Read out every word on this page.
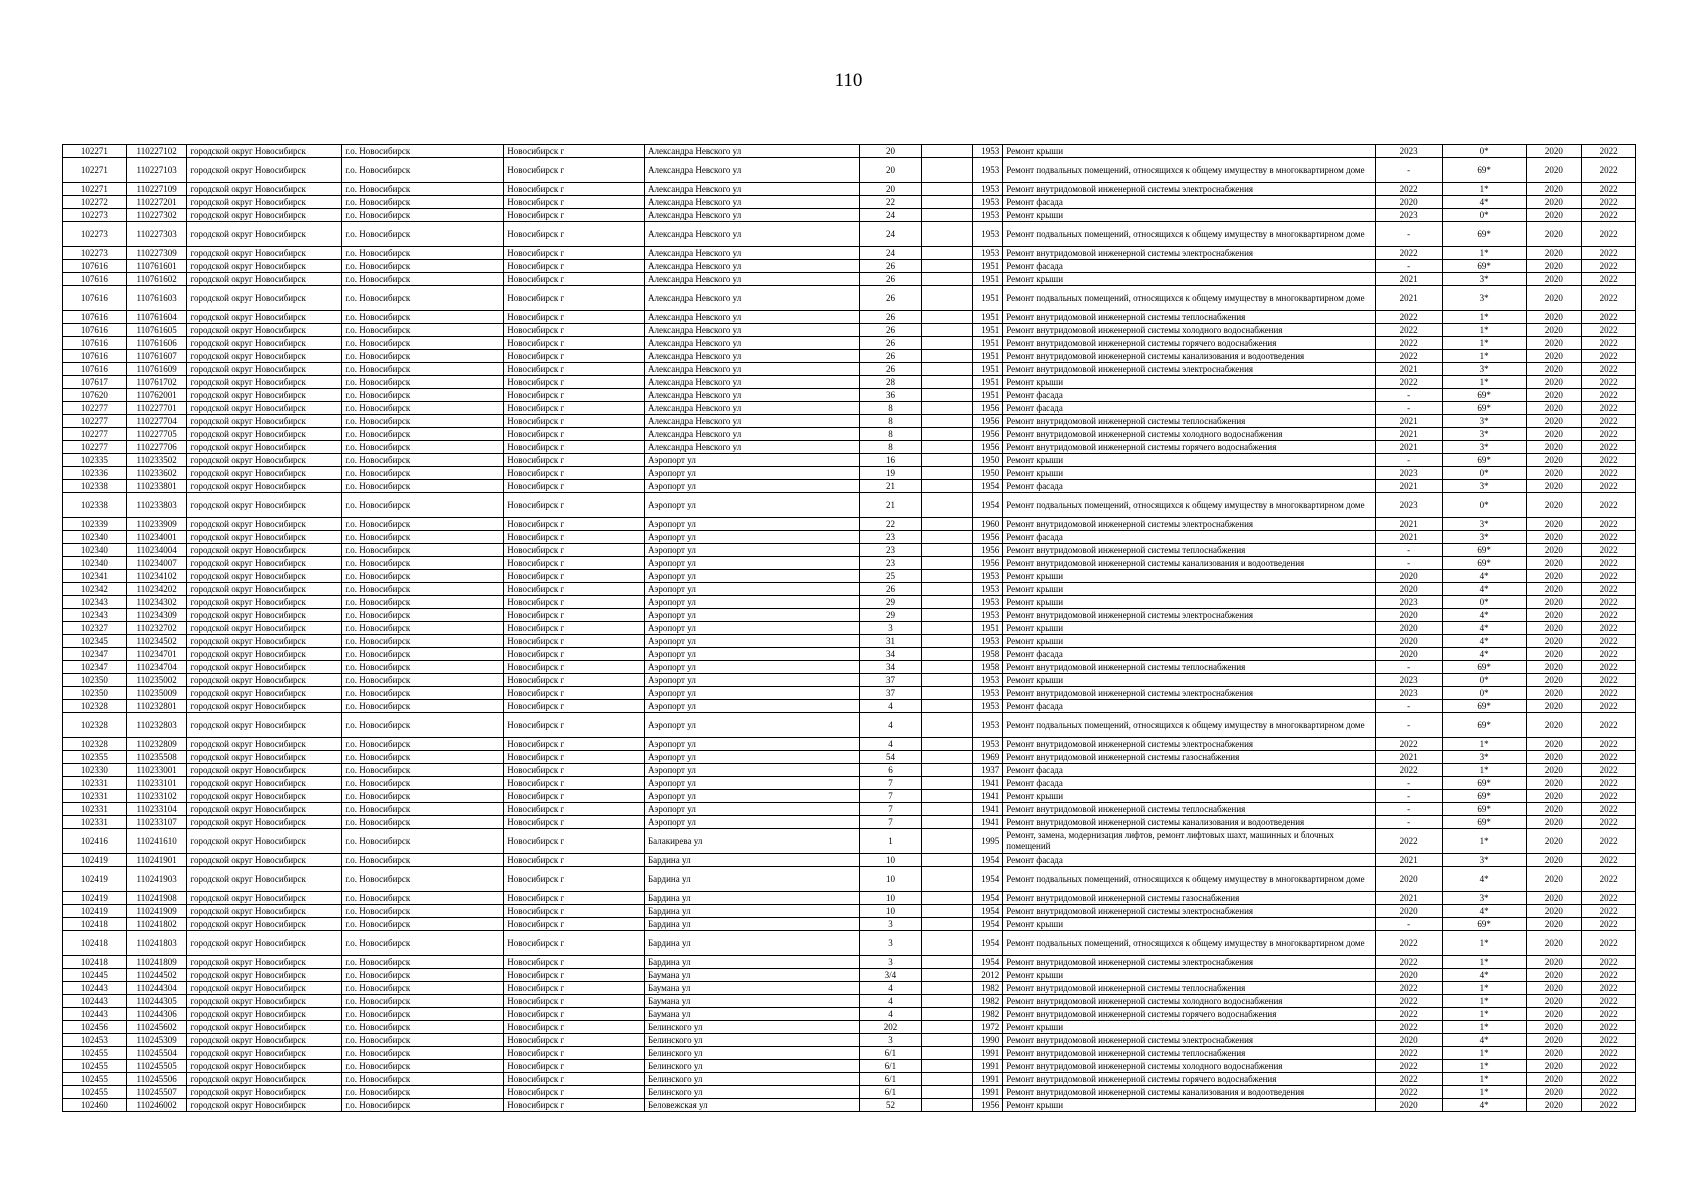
110
102271	110227102	городской округ Новосибирск	г.о. Новосибирск	Новосибирск г	Александра Невского ул	20		1953	Ремонт крыши	2023	0*	2020	2022
102271	110227103	городской округ Новосибирск	г.о. Новосибирск	Новосибирск г	Александра Невского ул	20		1953	Ремонт подвальных помещений, относящихся к общему имуществу в многоквартирном доме	-	69*	2020	2022
102271	110227109	городской округ Новосибирск	г.о. Новосибирск	Новосибирск г	Александра Невского ул	20		1953	Ремонт внутридомовой инженерной системы электроснабжения	2022	1*	2020	2022
102272	110227201	городской округ Новосибирск	г.о. Новосибирск	Новосибирск г	Александра Невского ул	22		1953	Ремонт фасада	2020	4*	2020	2022
102273	110227302	городской округ Новосибирск	г.о. Новосибирск	Новосибирск г	Александра Невского ул	24		1953	Ремонт крыши	2023	0*	2020	2022
102273	110227303	городской округ Новосибирск	г.о. Новосибирск	Новосибирск г	Александра Невского ул	24		1953	Ремонт подвальных помещений, относящихся к общему имуществу в многоквартирном доме	-	69*	2020	2022
102273	110227309	городской округ Новосибирск	г.о. Новосибирск	Новосибирск г	Александра Невского ул	24		1953	Ремонт внутридомовой инженерной системы электроснабжения	2022	1*	2020	2022
107616	110761601	городской округ Новосибирск	г.о. Новосибирск	Новосибирск г	Александра Невского ул	26		1951	Ремонт фасада	-	69*	2020	2022
107616	110761602	городской округ Новосибирск	г.о. Новосибирск	Новосибирск г	Александра Невского ул	26		1951	Ремонт крыши	2021	3*	2020	2022
107616	110761603	городской округ Новосибирск	г.о. Новосибирск	Новосибирск г	Александра Невского ул	26		1951	Ремонт подвальных помещений, относящихся к общему имуществу в многоквартирном доме	2021	3*	2020	2022
107616	110761604	городской округ Новосибирск	г.о. Новосибирск	Новосибирск г	Александра Невского ул	26		1951	Ремонт внутридомовой инженерной системы теплоснабжения	2022	1*	2020	2022
107616	110761605	городской округ Новосибирск	г.о. Новосибирск	Новосибирск г	Александра Невского ул	26		1951	Ремонт внутридомовой инженерной системы холодного водоснабжения	2022	1*	2020	2022
107616	110761606	городской округ Новосибирск	г.о. Новосибирск	Новосибирск г	Александра Невского ул	26		1951	Ремонт внутридомовой инженерной системы горячего водоснабжения	2022	1*	2020	2022
107616	110761607	городской округ Новосибирск	г.о. Новосибирск	Новосибирск г	Александра Невского ул	26		1951	Ремонт внутридомовой инженерной системы канализования и водоотведения	2022	1*	2020	2022
107616	110761609	городской округ Новосибирск	г.о. Новосибирск	Новосибирск г	Александра Невского ул	26		1951	Ремонт внутридомовой инженерной системы электроснабжения	2021	3*	2020	2022
107617	110761702	городской округ Новосибирск	г.о. Новосибирск	Новосибирск г	Александра Невского ул	28		1951	Ремонт крыши	2022	1*	2020	2022
107620	110762001	городской округ Новосибирск	г.о. Новосибирск	Новосибирск г	Александра Невского ул	36		1951	Ремонт фасада	-	69*	2020	2022
102277	110227701	городской округ Новосибирск	г.о. Новосибирск	Новосибирск г	Александра Невского ул	8		1956	Ремонт фасада	-	69*	2020	2022
102277	110227704	городской округ Новосибирск	г.о. Новосибирск	Новосибирск г	Александра Невского ул	8		1956	Ремонт внутридомовой инженерной системы теплоснабжения	2021	3*	2020	2022
102277	110227705	городской округ Новосибирск	г.о. Новосибирск	Новосибирск г	Александра Невского ул	8		1956	Ремонт внутридомовой инженерной системы холодного водоснабжения	2021	3*	2020	2022
102277	110227706	городской округ Новосибирск	г.о. Новосибирск	Новосибирск г	Александра Невского ул	8		1956	Ремонт внутридомовой инженерной системы горячего водоснабжения	2021	3*	2020	2022
102335	110233502	городской округ Новосибирск	г.о. Новосибирск	Новосибирск г	Аэропорт ул	16		1950	Ремонт крыши	-	69*	2020	2022
102336	110233602	городской округ Новосибирск	г.о. Новосибирск	Новосибирск г	Аэропорт ул	19		1950	Ремонт крыши	2023	0*	2020	2022
102338	110233801	городской округ Новосибирск	г.о. Новосибирск	Новосибирск г	Аэропорт ул	21		1954	Ремонт фасада	2021	3*	2020	2022
102338	110233803	городской округ Новосибирск	г.о. Новосибирск	Новосибирск г	Аэропорт ул	21		1954	Ремонт подвальных помещений, относящихся к общему имуществу в многоквартирном доме	2023	0*	2020	2022
102339	110233909	городской округ Новосибирск	г.о. Новосибирск	Новосибирск г	Аэропорт ул	22		1960	Ремонт внутридомовой инженерной системы электроснабжения	2021	3*	2020	2022
102340	110234001	городской округ Новосибирск	г.о. Новосибирск	Новосибирск г	Аэропорт ул	23		1956	Ремонт фасада	2021	3*	2020	2022
102340	110234004	городской округ Новосибирск	г.о. Новосибирск	Новосибирск г	Аэропорт ул	23		1956	Ремонт внутридомовой инженерной системы теплоснабжения	-	69*	2020	2022
102340	110234007	городской округ Новосибирск	г.о. Новосибирск	Новосибирск г	Аэропорт ул	23		1956	Ремонт внутридомовой инженерной системы канализования и водоотведения	-	69*	2020	2022
102341	110234102	городской округ Новосибирск	г.о. Новосибирск	Новосибирск г	Аэропорт ул	25		1953	Ремонт крыши	2020	4*	2020	2022
102342	110234202	городской округ Новосибирск	г.о. Новосибирск	Новосибирск г	Аэропорт ул	26		1953	Ремонт крыши	2020	4*	2020	2022
102343	110234302	городской округ Новосибирск	г.о. Новосибирск	Новосибирск г	Аэропорт ул	29		1953	Ремонт крыши	2023	0*	2020	2022
102343	110234309	городской округ Новосибирск	г.о. Новосибирск	Новосибирск г	Аэропорт ул	29		1953	Ремонт внутридомовой инженерной системы электроснабжения	2020	4*	2020	2022
102327	110232702	городской округ Новосибирск	г.о. Новосибирск	Новосибирск г	Аэропорт ул	3		1951	Ремонт крыши	2020	4*	2020	2022
102345	110234502	городской округ Новосибирск	г.о. Новосибирск	Новосибирск г	Аэропорт ул	31		1953	Ремонт крыши	2020	4*	2020	2022
102347	110234701	городской округ Новосибирск	г.о. Новосибирск	Новосибирск г	Аэропорт ул	34		1958	Ремонт фасада	2020	4*	2020	2022
102347	110234704	городской округ Новосибирск	г.о. Новосибирск	Новосибирск г	Аэропорт ул	34		1958	Ремонт внутридомовой инженерной системы теплоснабжения	-	69*	2020	2022
102350	110235002	городской округ Новосибирск	г.о. Новосибирск	Новосибирск г	Аэропорт ул	37		1953	Ремонт крыши	2023	0*	2020	2022
102350	110235009	городской округ Новосибирск	г.о. Новосибирск	Новосибирск г	Аэропорт ул	37		1953	Ремонт внутридомовой инженерной системы электроснабжения	2023	0*	2020	2022
102328	110232801	городской округ Новосибирск	г.о. Новосибирск	Новосибирск г	Аэропорт ул	4		1953	Ремонт фасада	-	69*	2020	2022
102328	110232803	городской округ Новосибирск	г.о. Новосибирск	Новосибирск г	Аэропорт ул	4		1953	Ремонт подвальных помещений, относящихся к общему имуществу в многоквартирном доме	-	69*	2020	2022
102328	110232809	городской округ Новосибирск	г.о. Новосибирск	Новосибирск г	Аэропорт ул	4		1953	Ремонт внутридомовой инженерной системы электроснабжения	2022	1*	2020	2022
102355	110235508	городской округ Новосибирск	г.о. Новосибирск	Новосибирск г	Аэропорт ул	54		1969	Ремонт внутридомовой инженерной системы газоснабжения	2021	3*	2020	2022
102330	110233001	городской округ Новосибирск	г.о. Новосибирск	Новосибирск г	Аэропорт ул	6		1937	Ремонт фасада	2022	1*	2020	2022
102331	110233101	городской округ Новосибирск	г.о. Новосибирск	Новосибирск г	Аэропорт ул	7		1941	Ремонт фасада	-	69*	2020	2022
102331	110233102	городской округ Новосибирск	г.о. Новосибирск	Новосибирск г	Аэропорт ул	7		1941	Ремонт крыши	-	69*	2020	2022
102331	110233104	городской округ Новосибирск	г.о. Новосибирск	Новосибирск г	Аэропорт ул	7		1941	Ремонт внутридомовой инженерной системы теплоснабжения	-	69*	2020	2022
102331	110233107	городской округ Новосибирск	г.о. Новосибирск	Новосибирск г	Аэропорт ул	7		1941	Ремонт внутридомовой инженерной системы канализования и водоотведения	-	69*	2020	2022
102416	110241610	городской округ Новосибирск	г.о. Новосибирск	Новосибирск г	Балакирева ул	1		1995	Ремонт, замена, модернизация лифтов, ремонт лифтовых шахт, машинных и блочных помещений	2022	1*	2020	2022
102419	110241901	городской округ Новосибирск	г.о. Новосибирск	Новосибирск г	Бардина ул	10		1954	Ремонт фасада	2021	3*	2020	2022
102419	110241903	городской округ Новосибирск	г.о. Новосибирск	Новосибирск г	Бардина ул	10		1954	Ремонт подвальных помещений, относящихся к общему имуществу в многоквартирном доме	2020	4*	2020	2022
102419	110241908	городской округ Новосибирск	г.о. Новосибирск	Новосибирск г	Бардина ул	10		1954	Ремонт внутридомовой инженерной системы газоснабжения	2021	3*	2020	2022
102419	110241909	городской округ Новосибирск	г.о. Новосибирск	Новосибирск г	Бардина ул	10		1954	Ремонт внутридомовой инженерной системы электроснабжения	2020	4*	2020	2022
102418	110241802	городской округ Новосибирск	г.о. Новосибирск	Новосибирск г	Бардина ул	3		1954	Ремонт крыши	-	69*	2020	2022
102418	110241803	городской округ Новосибирск	г.о. Новосибирск	Новосибирск г	Бардина ул	3		1954	Ремонт подвальных помещений, относящихся к общему имуществу в многоквартирном доме	2022	1*	2020	2022
102418	110241809	городской округ Новосибирск	г.о. Новосибирск	Новосибирск г	Бардина ул	3		1954	Ремонт внутридомовой инженерной системы электроснабжения	2022	1*	2020	2022
102445	110244502	городской округ Новосибирск	г.о. Новосибирск	Новосибирск г	Баумана ул	3/4		2012	Ремонт крыши	2020	4*	2020	2022
102443	110244304	городской округ Новосибирск	г.о. Новосибирск	Новосибирск г	Баумана ул	4		1982	Ремонт внутридомовой инженерной системы теплоснабжения	2022	1*	2020	2022
102443	110244305	городской округ Новосибирск	г.о. Новосибирск	Новосибирск г	Баумана ул	4		1982	Ремонт внутридомовой инженерной системы холодного водоснабжения	2022	1*	2020	2022
102443	110244306	городской округ Новосибирск	г.о. Новосибирск	Новосибирск г	Баумана ул	4		1982	Ремонт внутридомовой инженерной системы горячего водоснабжения	2022	1*	2020	2022
102456	110245602	городской округ Новосибирск	г.о. Новосибирск	Новосибирск г	Белинского ул	202		1972	Ремонт крыши	2022	1*	2020	2022
102453	110245309	городской округ Новосибирск	г.о. Новосибирск	Новосибирск г	Белинского ул	3		1990	Ремонт внутридомовой инженерной системы электроснабжения	2020	4*	2020	2022
102455	110245504	городской округ Новосибирск	г.о. Новосибирск	Новосибирск г	Белинского ул	6/1		1991	Ремонт внутридомовой инженерной системы теплоснабжения	2022	1*	2020	2022
102455	110245505	городской округ Новосибирск	г.о. Новосибирск	Новосибирск г	Белинского ул	6/1		1991	Ремонт внутридомовой инженерной системы холодного водоснабжения	2022	1*	2020	2022
102455	110245506	городской округ Новосибирск	г.о. Новосибирск	Новосибирск г	Белинского ул	6/1		1991	Ремонт внутридомовой инженерной системы горячего водоснабжения	2022	1*	2020	2022
102455	110245507	городской округ Новосибирск	г.о. Новосибирск	Новосибирск г	Белинского ул	6/1		1991	Ремонт внутридомовой инженерной системы канализования и водоотведения	2022	1*	2020	2022
102460	110246002	городской округ Новосибирск	г.о. Новосибирск	Новосибирск г	Беловежская ул	52		1956	Ремонт крыши	2020	4*	2020	2022
